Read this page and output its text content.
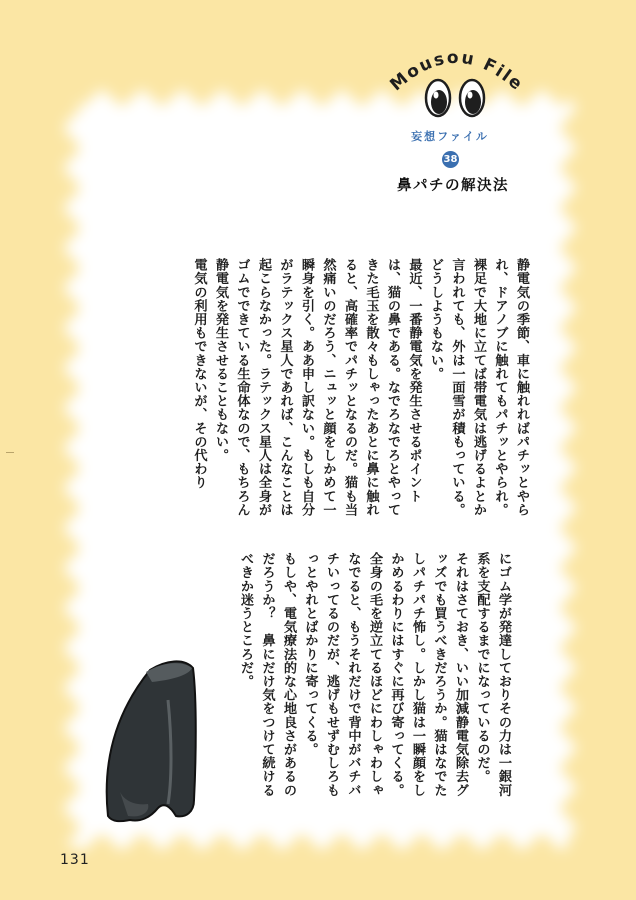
Mousou File
妄想ファイル
38
鼻パチの解決法

静電気の季節、車に触れればパチッとやられ、ドアノブに触れてもパチッとやられ。裸足で大地に立てば帯電気は逃げるよとか言われても、外は一面雪が積もっている。どうしようもない。

最近、一番静電気を発生させるポイントは、猫の鼻である。なでろなでろとやってきた毛玉を散々もしゃったあとに鼻に触れると、高確率でパチッとなるのだ。猫も当然痛いのだろう、ニュッと顔をしかめて一瞬身を引く。ああ申し訳ない。もしも自分がラテックス星人であれば、こんなことは起こらなかった。ラテックス星人は全身がゴムでできている生命体なので、もちろん静電気を発生させることもない。

電気の利用もできないが、その代わり

にゴム学が発達しておりその力は一銀河系を支配するまでになっているのだ。

それはさておき、いい加減静電気除去グッズでも買うべきだろうか。猫はなでたしパチパチ怖し。しかし猫は一瞬顔をしかめるわりにはすぐに再び寄ってくる。全身の毛を逆立てるほどにわしゃわしゃなでると、もうそれだけで背中がバチバチいってるのだが、逃げもせずむしろもっとやれとばかりに寄ってくる。

もしや、電気療法的な心地良さがあるのだろうか？　鼻にだけ気をつけて続けるべきか迷うところだ。

131
